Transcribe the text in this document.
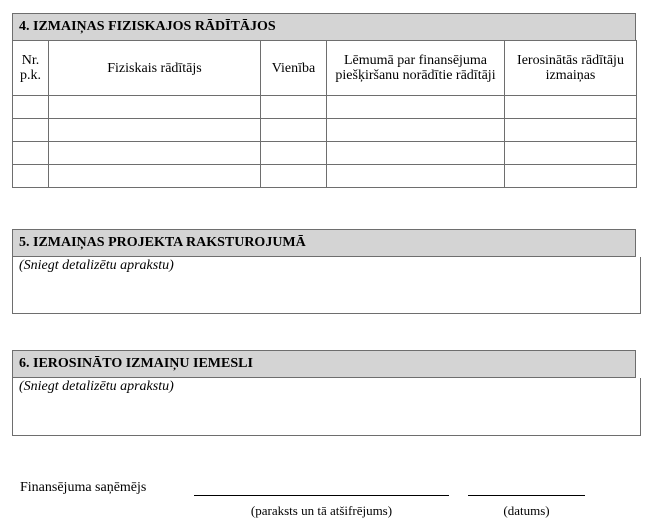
4. IZMAIŅAS FIZISKAJOS RĀDĪTĀJOS
Nr. p.k.	Fiziskais rādītājs	Vienība	Lēmumā par finansējuma piešķiršanu norādītie rādītāji	Ierosinātās rādītāju izmaiņas

5. IZMAIŅAS PROJEKTA RAKSTUROJUMĀ
(Sniegt detalizētu aprakstu)
6. IEROSINĀTO IZMAIŅU IEMESLI
(Sniegt detalizētu aprakstu)
Finansējuma saņēmējs
(paraksts un tā atšifrējums)	(datums)
